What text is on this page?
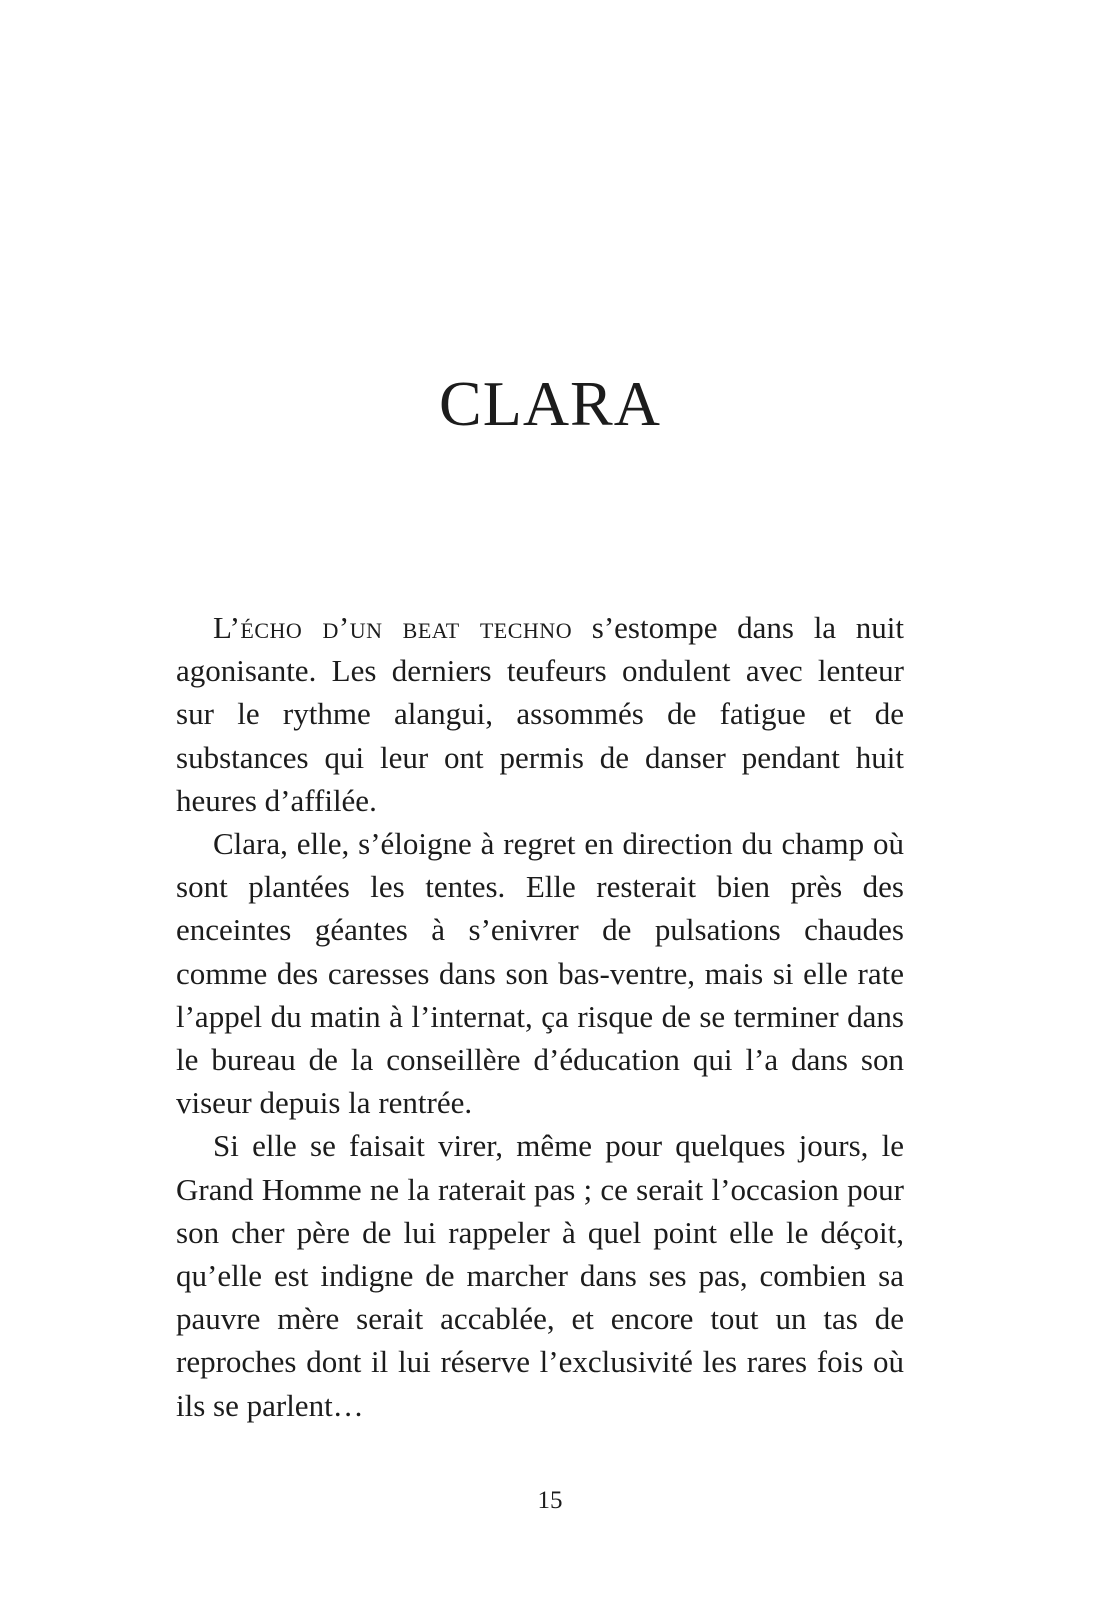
CLARA

L’écho d’un beat techno s’estompe dans la nuit agonisante. Les derniers teufeurs ondulent avec lenteur sur le rythme alangui, assommés de fatigue et de substances qui leur ont permis de danser pendant huit heures d’affilée.

Clara, elle, s’éloigne à regret en direction du champ où sont plantées les tentes. Elle resterait bien près des enceintes géantes à s’enivrer de pulsations chaudes comme des caresses dans son bas-ventre, mais si elle rate l’appel du matin à l’internat, ça risque de se terminer dans le bureau de la conseillère d’éducation qui l’a dans son viseur depuis la rentrée.

Si elle se faisait virer, même pour quelques jours, le Grand Homme ne la raterait pas ; ce serait l’occasion pour son cher père de lui rappeler à quel point elle le déçoit, qu’elle est indigne de marcher dans ses pas, combien sa pauvre mère serait accablée, et encore tout un tas de reproches dont il lui réserve l’exclusivité les rares fois où ils se parlent…

15
